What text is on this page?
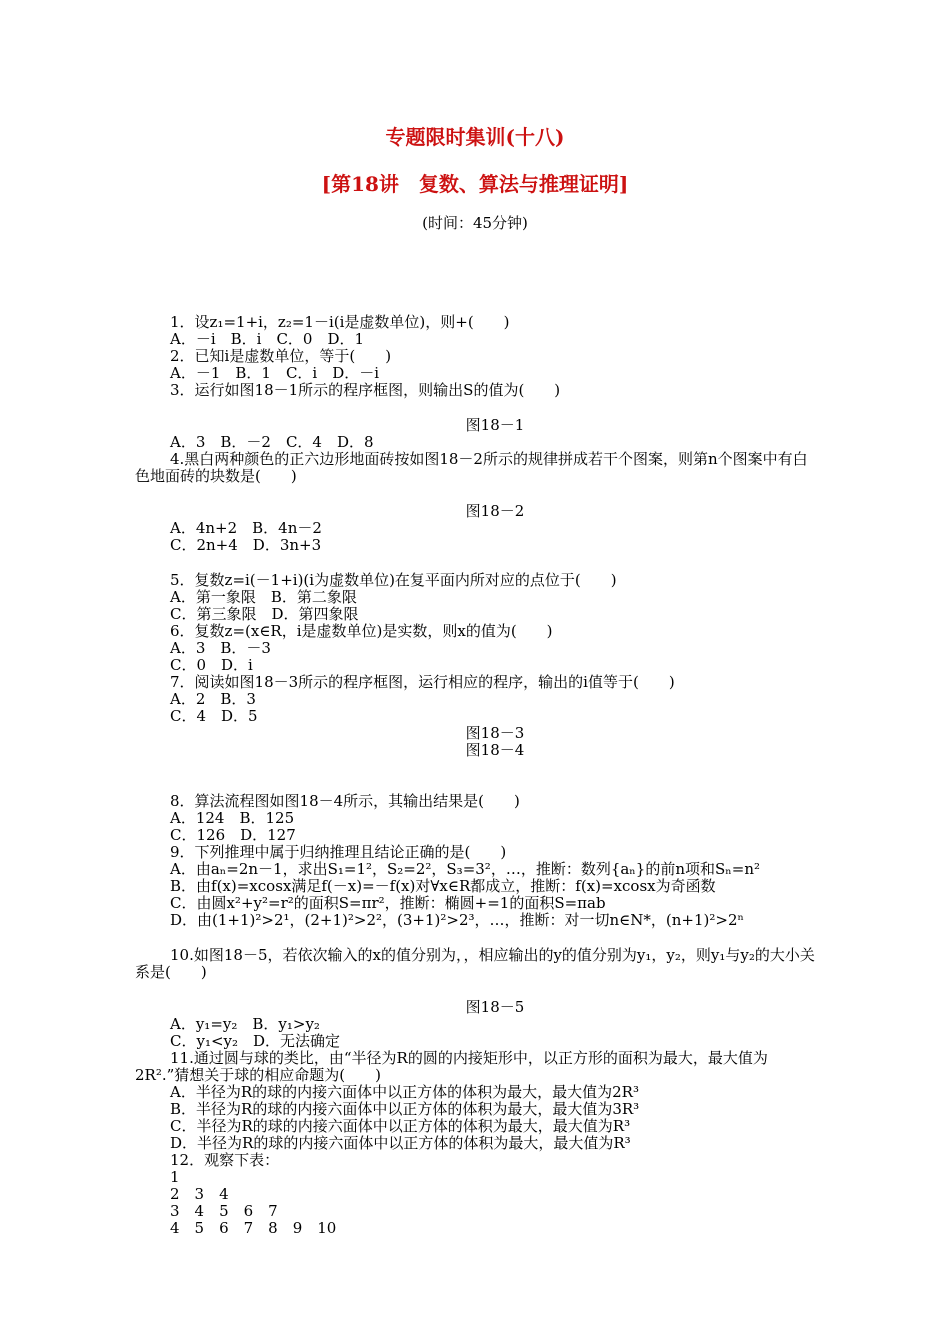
专题限时集训(十八)
[第18讲　复数、算法与推理证明]
(时间：45分钟)
1．设z₁=1+i，z₂=1－i(i是虚数单位)，则+(　　)
A．－i　B．i　C．0　D．1
2．已知i是虚数单位，等于(　　)
A．－1　B．1　C．i　D．－i
3．运行如图18－1所示的程序框图，则输出S的值为(　　)
图18－1
A．3　B．－2　C．4　D．8
4.黑白两种颜色的正六边形地面砖按如图18－2所示的规律拼成若干个图案，则第n个图案中有白色地面砖的块数是(　　)
图18－2
A．4n+2　B．4n－2
C．2n+4　D．3n+3
5．复数z=i(－1+i)(i为虚数单位)在复平面内所对应的点位于(　　)
A．第一象限　B．第二象限
C．第三象限　D．第四象限
6．复数z=(x∈R，i是虚数单位)是实数，则x的值为(　　)
A．3　B．－3
C．0　D．i
7．阅读如图18－3所示的程序框图，运行相应的程序，输出的i值等于(　　)
A．2　B．3
C．4　D．5
图18－3
图18－4
8．算法流程图如图18－4所示，其输出结果是(　　)
A．124　B．125
C．126　D．127
9．下列推理中属于归纳推理且结论正确的是(　　)
A．由aₙ=2n－1，求出S₁=1²，S₂=2²，S₃=3²，…，推断：数列{aₙ}的前n项和Sₙ=n²
B．由f(x)=xcosx满足f(－x)=－f(x)对∀x∈R都成立，推断：f(x)=xcosx为奇函数
C．由圆x²+y²=r²的面积S=πr²，推断：椭圆+=1的面积S=πab
D．由(1+1)²>2¹，(2+1)²>2²，(3+1)²>2³，…，推断：对一切n∈N*，(n+1)²>2ⁿ
10.如图18－5，若依次输入的x的值分别为，，相应输出的y的值分别为y₁，y₂，则y₁与y₂的大小关系是(　　)
图18－5
A．y₁=y₂　B．y₁>y₂
C．y₁<y₂　D．无法确定
11.通过圆与球的类比，由“半径为R的圆的内接矩形中，以正方形的面积为最大，最大值为2R².”猜想关于球的相应命题为(　　)
A．半径为R的球的内接六面体中以正方体的体积为最大，最大值为2R³
B．半径为R的球的内接六面体中以正方体的体积为最大，最大值为3R³
C．半径为R的球的内接六面体中以正方体的体积为最大，最大值为R³
D．半径为R的球的内接六面体中以正方体的体积为最大，最大值为R³
12．观察下表：
1
2　3　4
3　4　5　6　7
4　5　6　7　8　9　10
